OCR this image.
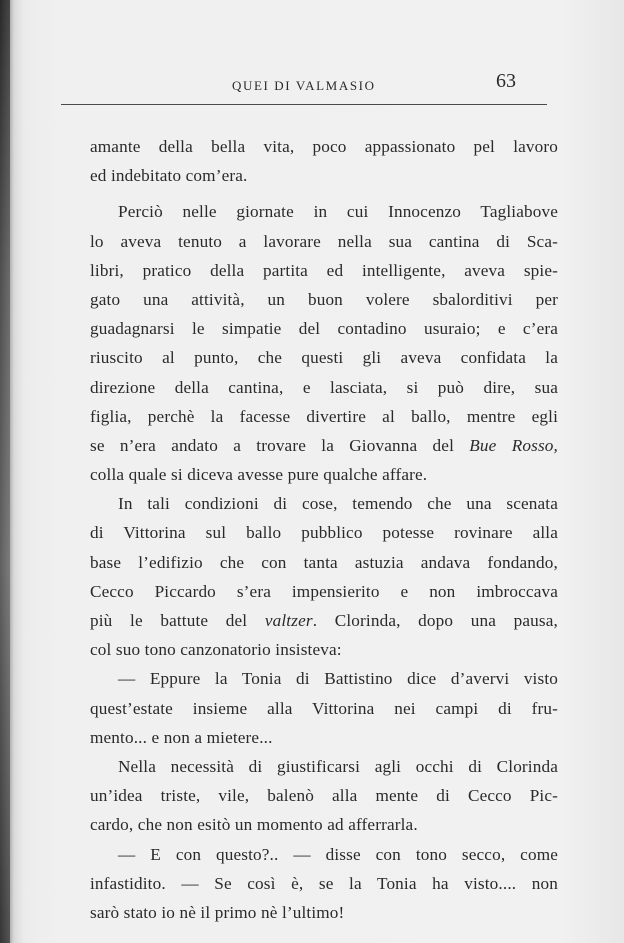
QUEI DI VALMASIO	63
amante della bella vita, poco appassionato pel lavoro
ed indebitato com’era.
Perciò nelle giornate in cui Innocenzo Tagliabove
lo aveva tenuto a lavorare nella sua cantina di Sca-
libri, pratico della partita ed intelligente, aveva spie-
gato una attività, un buon volere sbalorditivi per
guadagnarsi le simpatie del contadino usuraio; e c’era
riuscito al punto, che questi gli aveva confidata la
direzione della cantina, e lasciata, si può dire, sua
figlia, perchè la facesse divertire al ballo, mentre egli
se n’era andato a trovare la Giovanna del Bue Rosso,
colla quale si diceva avesse pure qualche affare.
In tali condizioni di cose, temendo che una scenata
di Vittorina sul ballo pubblico potesse rovinare alla
base l’edifizio che con tanta astuzia andava fondando,
Cecco Piccardo s’era impensierito e non imbroccava
più le battute del valtzer. Clorinda, dopo una pausa,
col suo tono canzonatorio insisteva:
— Eppure la Tonia di Battistino dice d’avervi visto
quest’estate insieme alla Vittorina nei campi di fru-
mento... e non a mietere...
Nella necessità di giustificarsi agli occhi di Clorinda
un’idea triste, vile, balenò alla mente di Cecco Pic-
cardo, che non esitò un momento ad afferrarla.
— E con questo?.. — disse con tono secco, come
infastidito. — Se così è, se la Tonia ha visto.... non
sarò stato io nè il primo nè l’ultimo!
